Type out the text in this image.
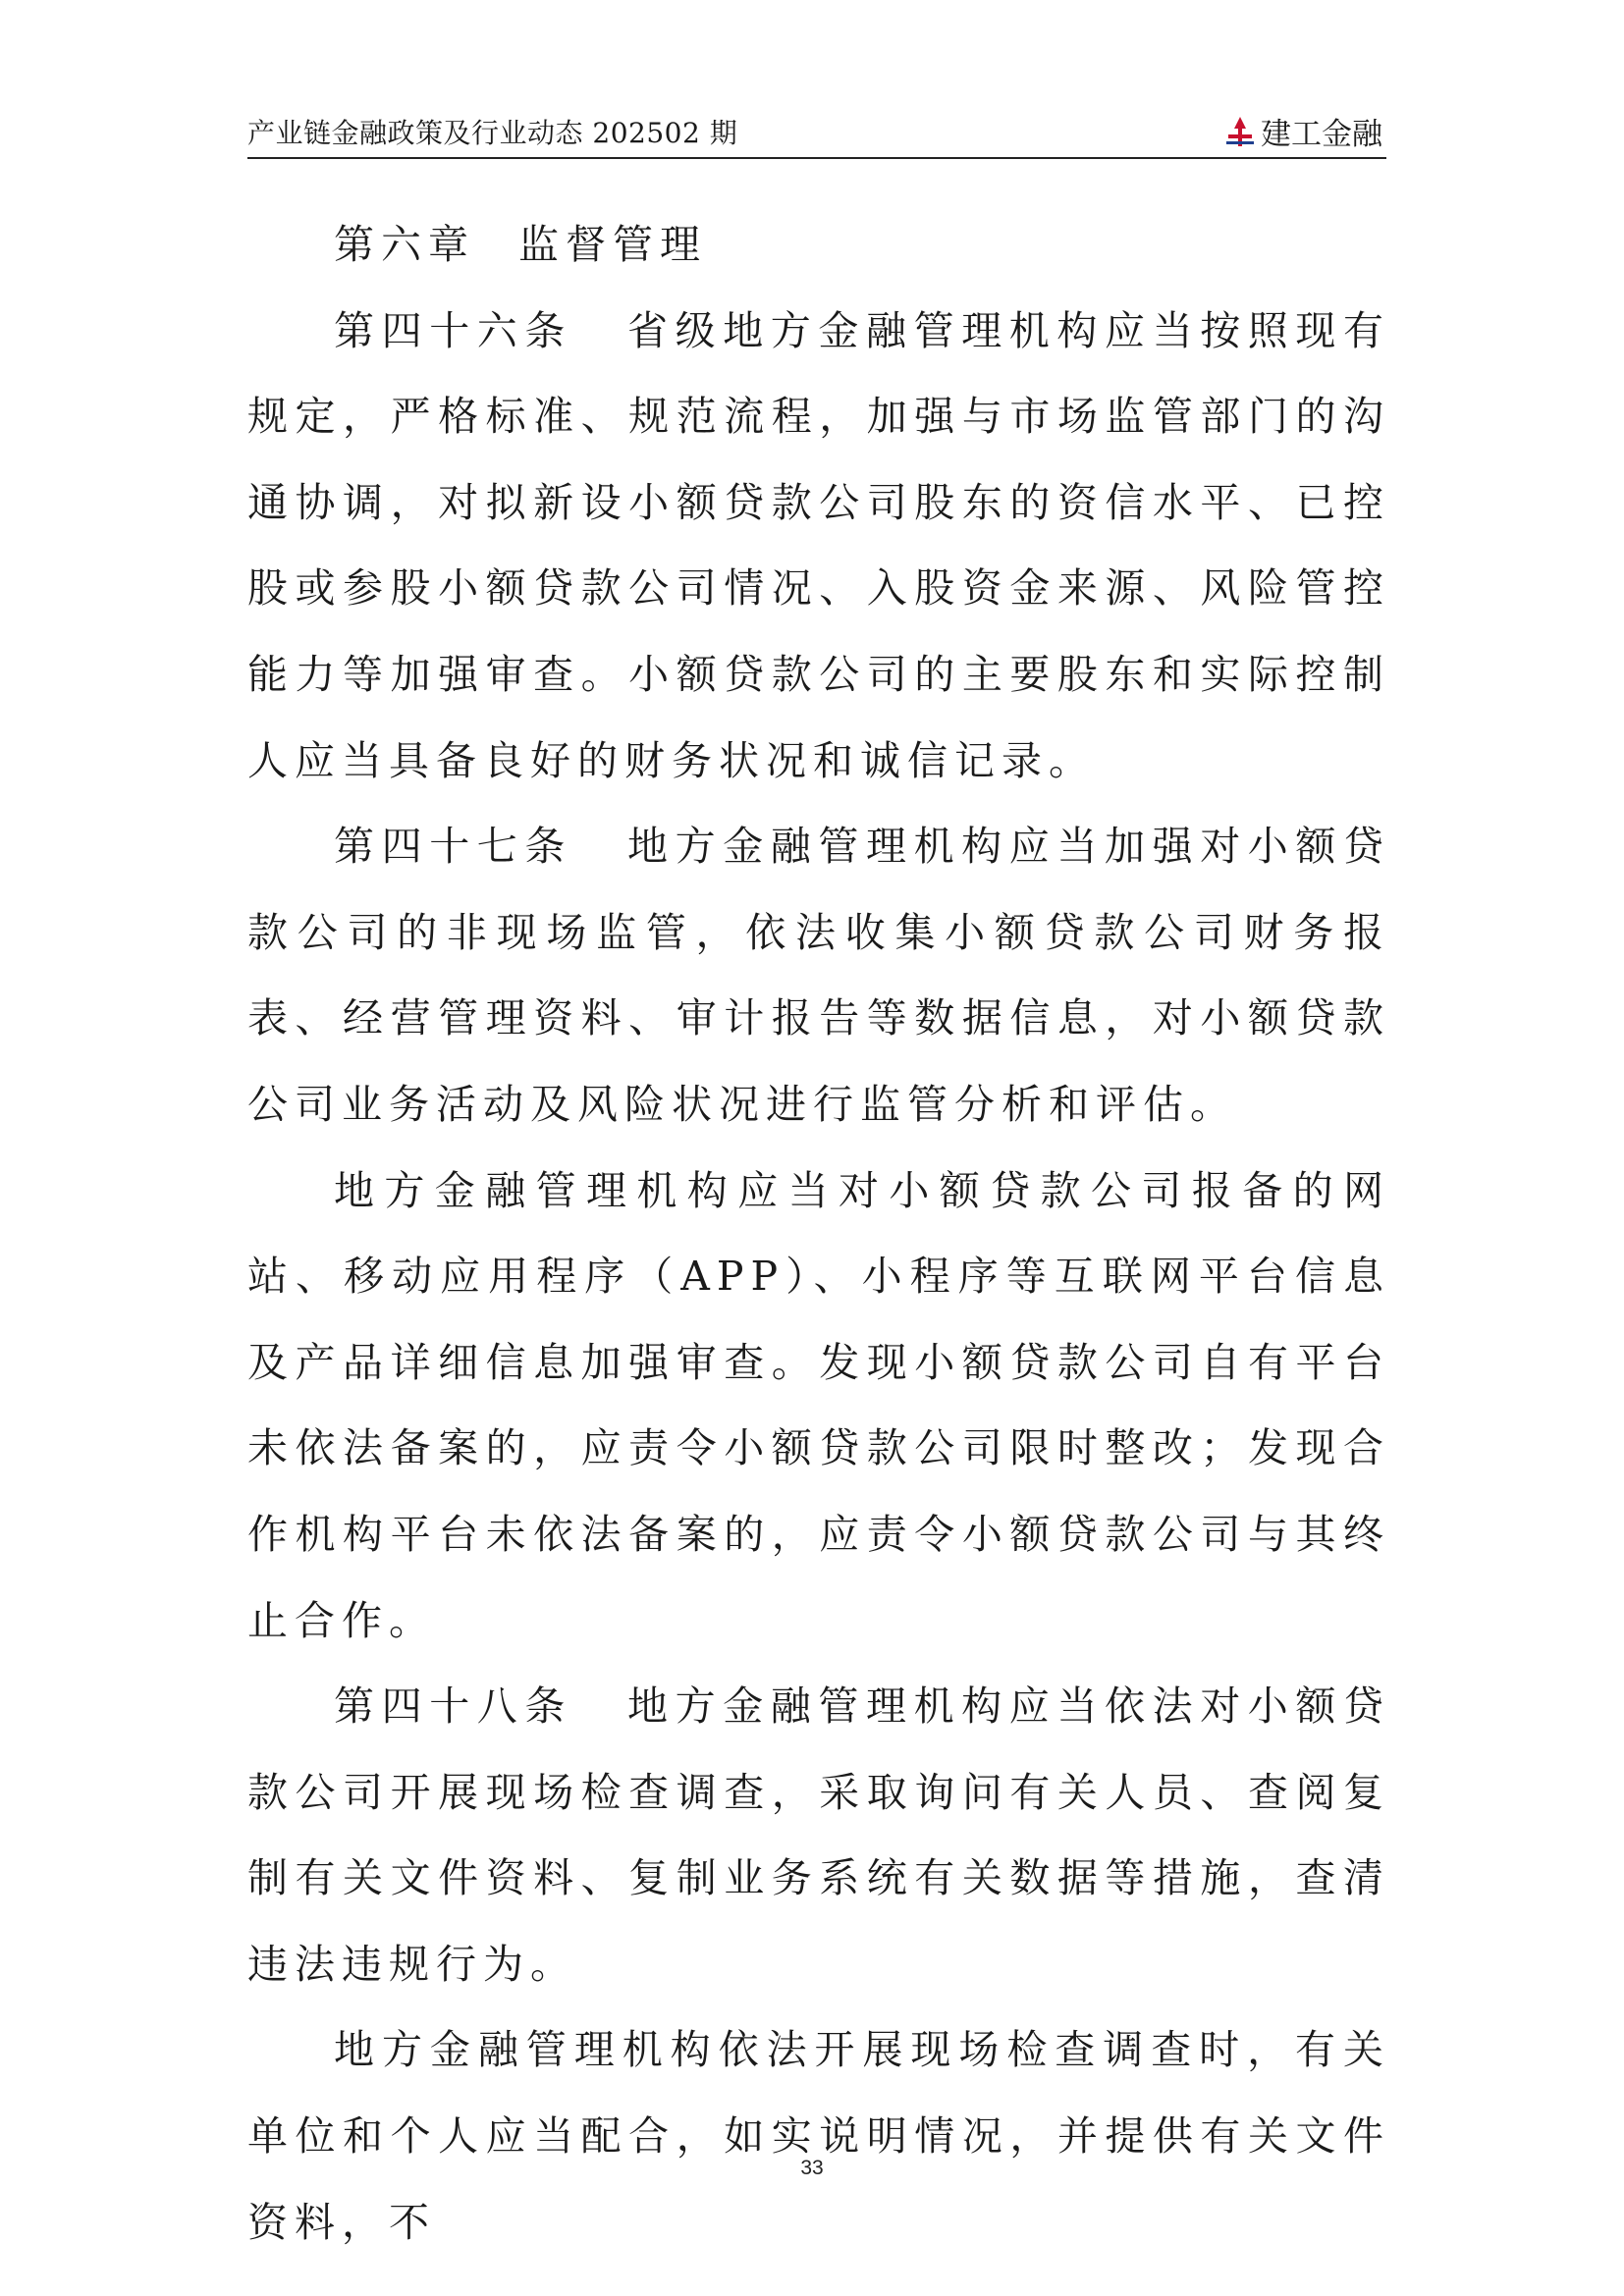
产业链金融政策及行业动态 202502 期	建工金融

第六章 监督管理

第四十六条 省级地方金融管理机构应当按照现有规定，严格标准、规范流程，加强与市场监管部门的沟通协调，对拟新设小额贷款公司股东的资信水平、已控股或参股小额贷款公司情况、入股资金来源、风险管控能力等加强审查。小额贷款公司的主要股东和实际控制人应当具备良好的财务状况和诚信记录。

第四十七条 地方金融管理机构应当加强对小额贷款公司的非现场监管，依法收集小额贷款公司财务报表、经营管理资料、审计报告等数据信息，对小额贷款公司业务活动及风险状况进行监管分析和评估。

地方金融管理机构应当对小额贷款公司报备的网站、移动应用程序（APP）、小程序等互联网平台信息及产品详细信息加强审查。发现小额贷款公司自有平台未依法备案的，应责令小额贷款公司限时整改；发现合作机构平台未依法备案的，应责令小额贷款公司与其终止合作。

第四十八条 地方金融管理机构应当依法对小额贷款公司开展现场检查调查，采取询问有关人员、查阅复制有关文件资料、复制业务系统有关数据等措施，查清违法违规行为。

地方金融管理机构依法开展现场检查调查时，有关单位和个人应当配合，如实说明情况，并提供有关文件资料，不

33
